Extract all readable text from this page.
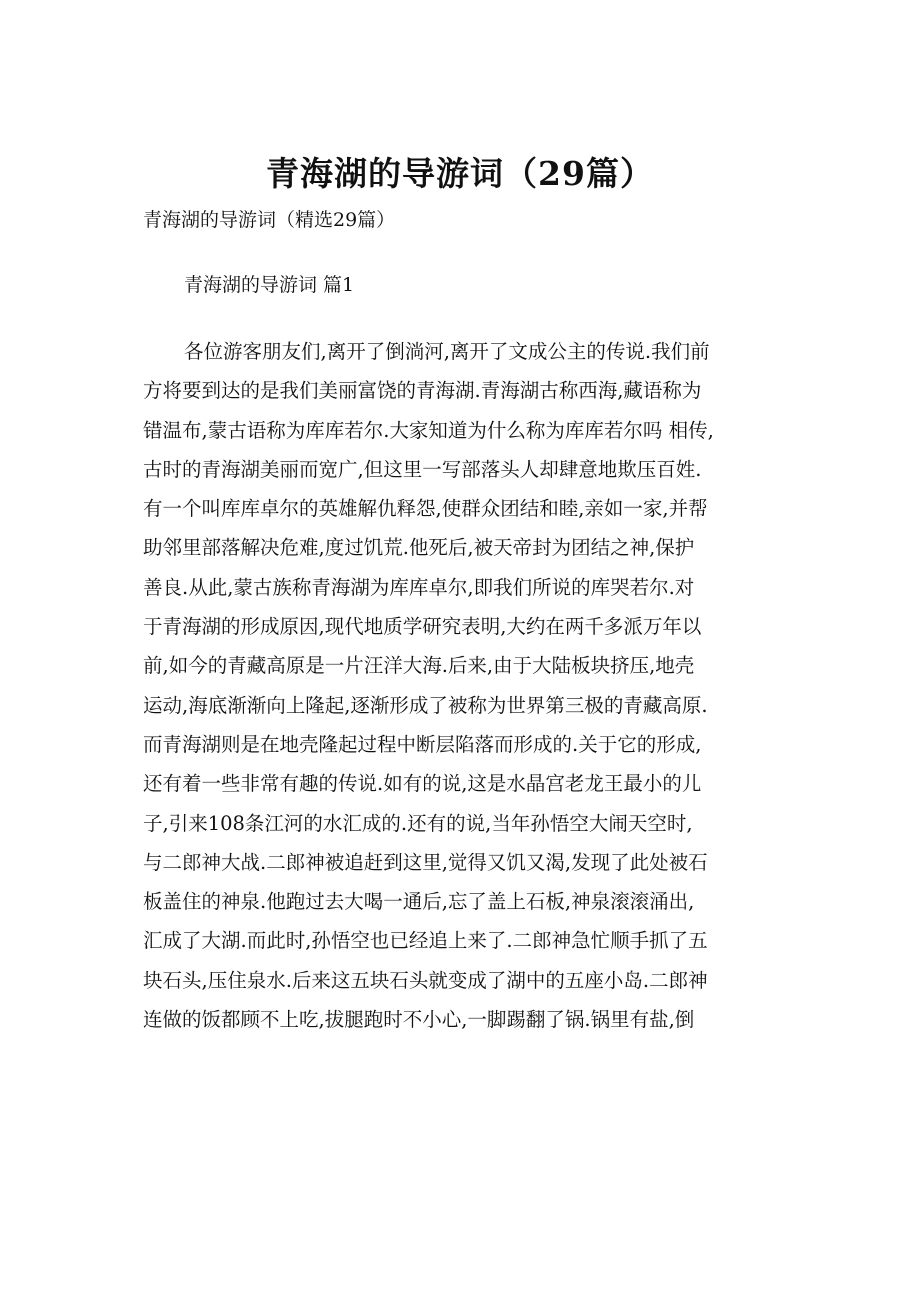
青海湖的导游词（29篇）
青海湖的导游词（精选29篇）
青海湖的导游词 篇1
各位游客朋友们,离开了倒淌河,离开了文成公主的传说.我们前
方将要到达的是我们美丽富饶的青海湖.青海湖古称西海,藏语称为
错温布,蒙古语称为库库若尔.大家知道为什么称为库库若尔吗 相传,
古时的青海湖美丽而宽广,但这里一写部落头人却肆意地欺压百姓.
有一个叫库库卓尔的英雄解仇释怨,使群众团结和睦,亲如一家,并帮
助邻里部落解决危难,度过饥荒.他死后,被天帝封为团结之神,保护
善良.从此,蒙古族称青海湖为库库卓尔,即我们所说的库哭若尔.对
于青海湖的形成原因,现代地质学研究表明,大约在两千多派万年以
前,如今的青藏高原是一片汪洋大海.后来,由于大陆板块挤压,地壳
运动,海底渐渐向上隆起,逐渐形成了被称为世界第三极的青藏高原.
而青海湖则是在地壳隆起过程中断层陷落而形成的.关于它的形成,
还有着一些非常有趣的传说.如有的说,这是水晶宫老龙王最小的儿
子,引来108条江河的水汇成的.还有的说,当年孙悟空大闹天空时,
与二郎神大战.二郎神被追赶到这里,觉得又饥又渴,发现了此处被石
板盖住的神泉.他跑过去大喝一通后,忘了盖上石板,神泉滚滚涌出,
汇成了大湖.而此时,孙悟空也已经追上来了.二郎神急忙顺手抓了五
块石头,压住泉水.后来这五块石头就变成了湖中的五座小岛.二郎神
连做的饭都顾不上吃,拔腿跑时不小心,一脚踢翻了锅.锅里有盐,倒
